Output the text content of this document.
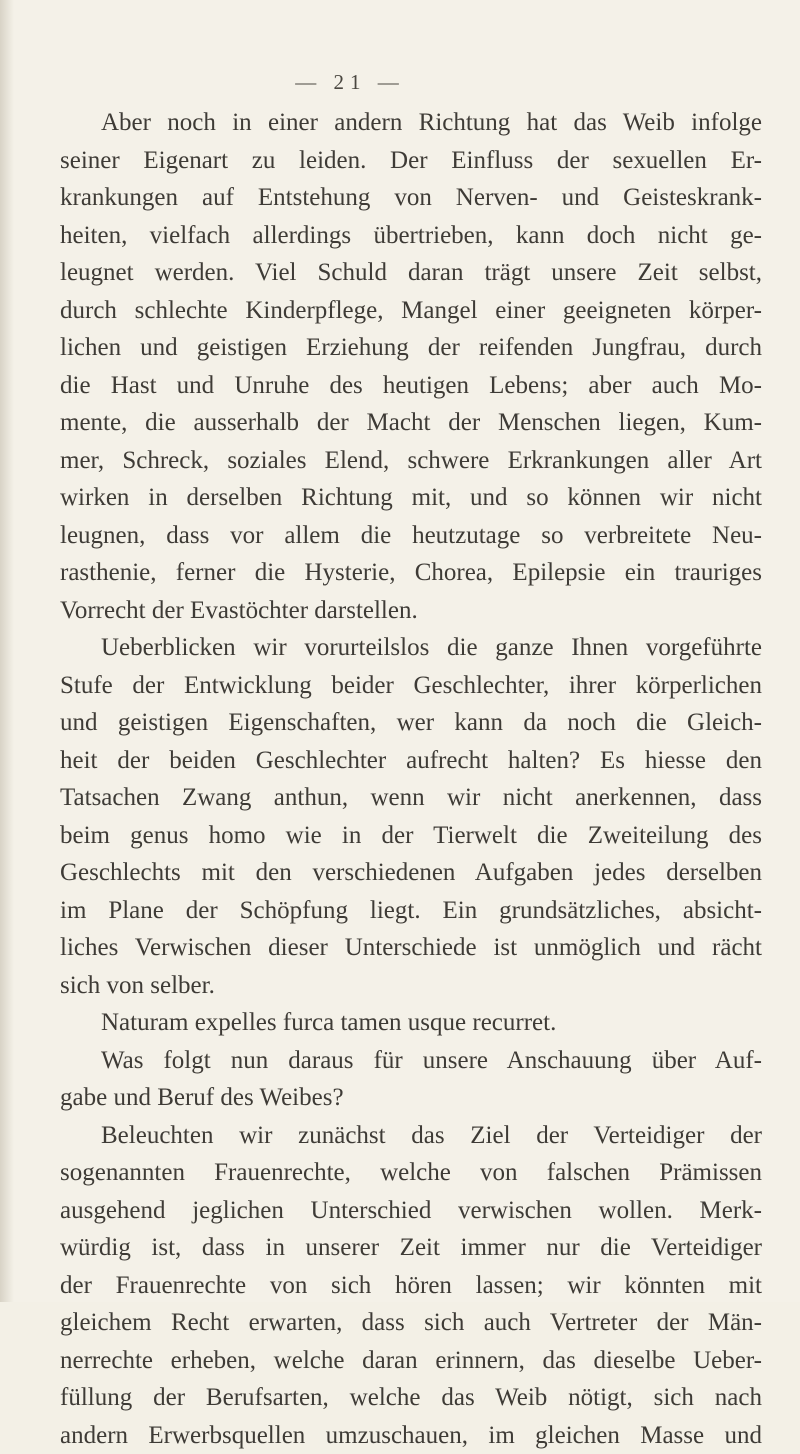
— 21 —
Aber noch in einer andern Richtung hat das Weib infolge
seiner Eigenart zu leiden. Der Einfluss der sexuellen Er-
krankungen auf Entstehung von Nerven- und Geisteskrank-
heiten, vielfach allerdings übertrieben, kann doch nicht ge-
leugnet werden. Viel Schuld daran trägt unsere Zeit selbst,
durch schlechte Kinderpflege, Mangel einer geeigneten körper-
lichen und geistigen Erziehung der reifenden Jungfrau, durch
die Hast und Unruhe des heutigen Lebens; aber auch Mo-
mente, die ausserhalb der Macht der Menschen liegen, Kum-
mer, Schreck, soziales Elend, schwere Erkrankungen aller Art
wirken in derselben Richtung mit, und so können wir nicht
leugnen, dass vor allem die heutzutage so verbreitete Neu-
rasthenie, ferner die Hysterie, Chorea, Epilepsie ein trauriges
Vorrecht der Evastöchter darstellen.
Ueberblicken wir vorurteilslos die ganze Ihnen vorgeführte
Stufe der Entwicklung beider Geschlechter, ihrer körperlichen
und geistigen Eigenschaften, wer kann da noch die Gleich-
heit der beiden Geschlechter aufrecht halten? Es hiesse den
Tatsachen Zwang anthun, wenn wir nicht anerkennen, dass
beim genus homo wie in der Tierwelt die Zweiteilung des
Geschlechts mit den verschiedenen Aufgaben jedes derselben
im Plane der Schöpfung liegt. Ein grundsätzliches, absicht-
liches Verwischen dieser Unterschiede ist unmöglich und rächt
sich von selber.
Naturam expelles furca tamen usque recurret.
Was folgt nun daraus für unsere Anschauung über Auf-
gabe und Beruf des Weibes?
Beleuchten wir zunächst das Ziel der Verteidiger der
sogenannten Frauenrechte, welche von falschen Prämissen
ausgehend jeglichen Unterschied verwischen wollen. Merk-
würdig ist, dass in unserer Zeit immer nur die Verteidiger
der Frauenrechte von sich hören lassen; wir könnten mit
gleichem Recht erwarten, dass sich auch Vertreter der Män-
nerrechte erheben, welche daran erinnern, das dieselbe Ueber-
füllung der Berufsarten, welche das Weib nötigt, sich nach
andern Erwerbsquellen umzuschauen, im gleichen Masse und
